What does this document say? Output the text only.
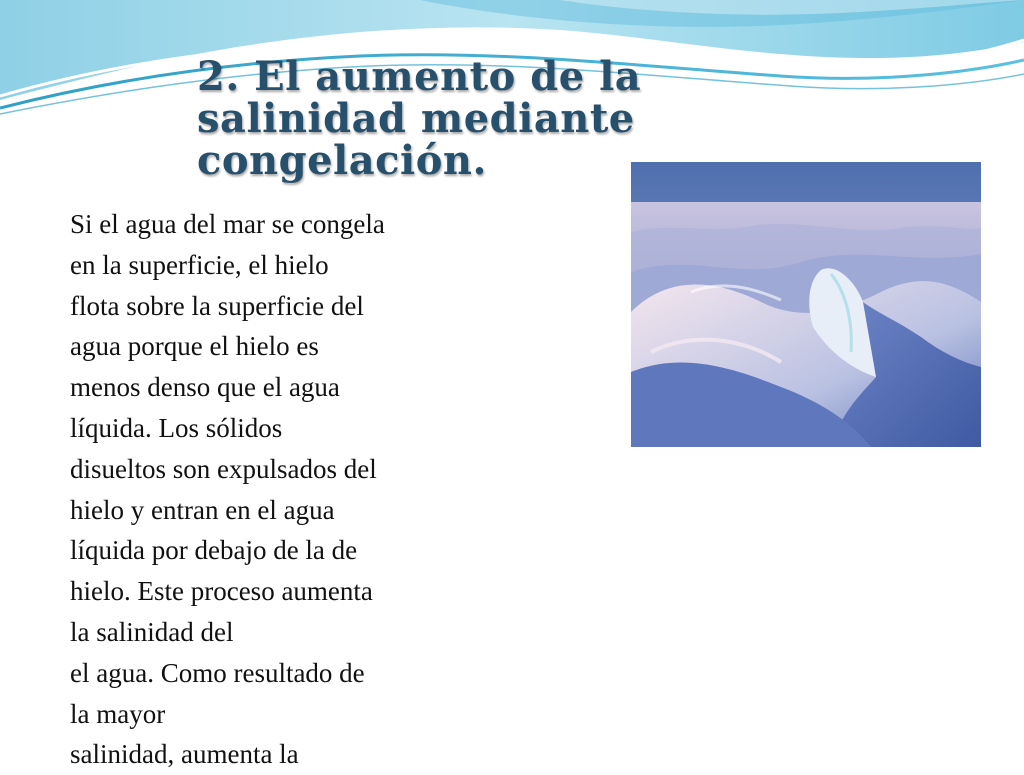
2. El aumento de la
salinidad mediante
congelación.
Si el agua del mar se congela
en la superficie, el hielo
flota sobre la superficie del
agua porque el hielo es
menos denso que el agua
líquida. Los sólidos
disueltos son expulsados del
hielo y entran en el agua
líquida por debajo de la de
hielo. Este proceso aumenta
la salinidad del
el agua. Como resultado de
la mayor
salinidad, aumenta la
